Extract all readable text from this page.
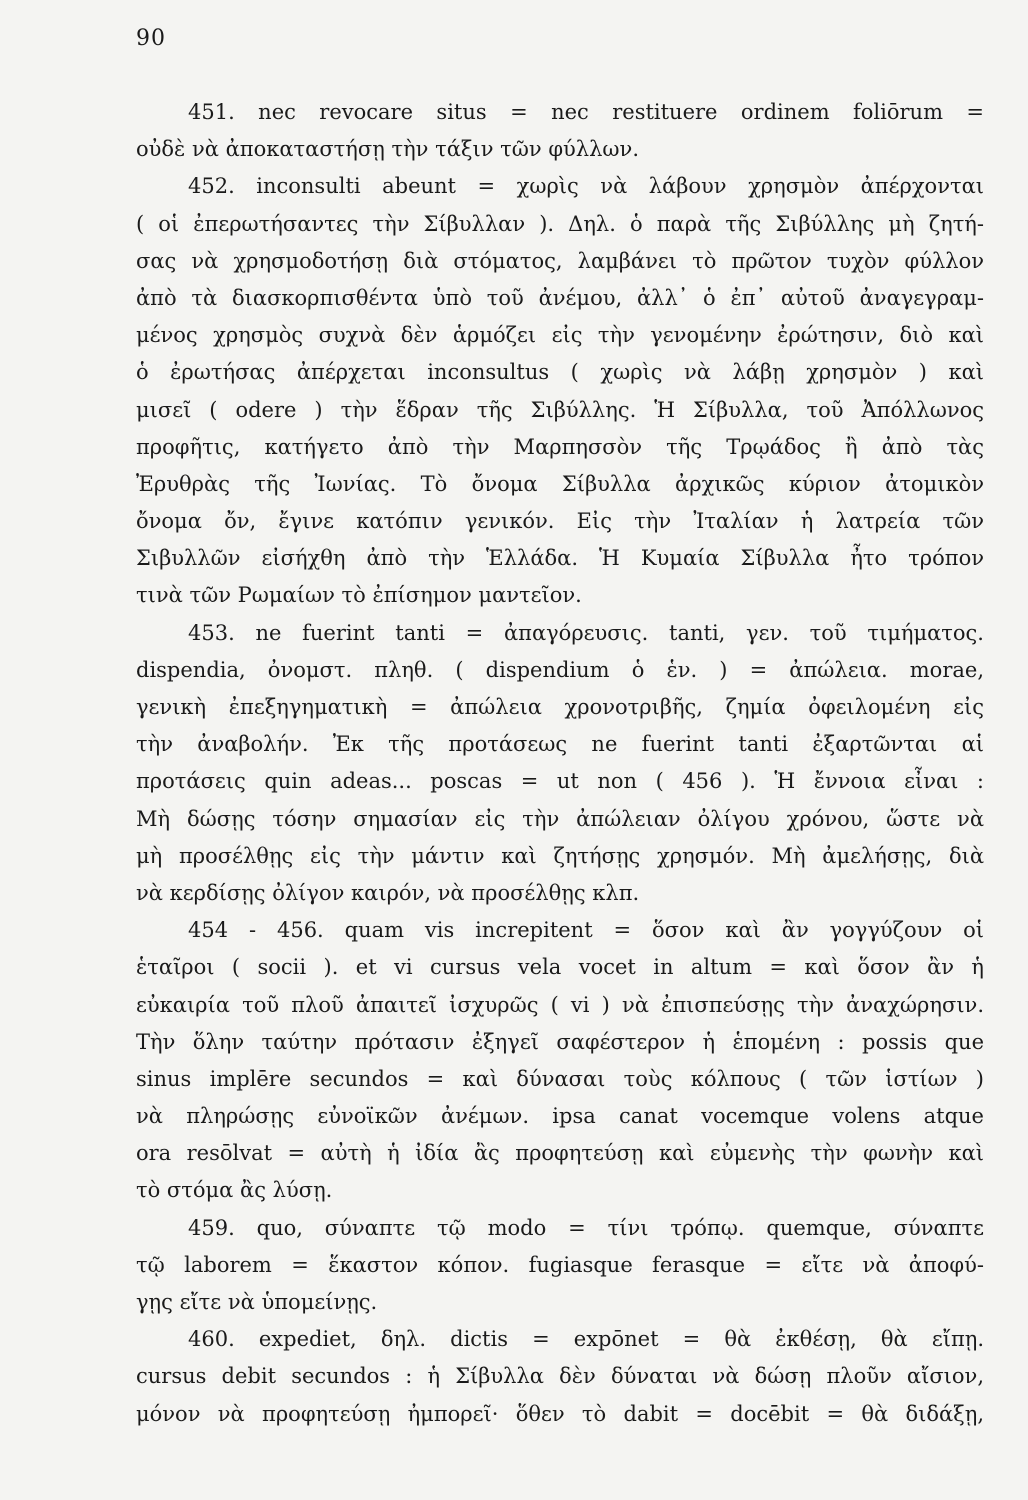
90
451. nec revocare situs = nec restituere ordinem foliōrum =
οὐδὲ νὰ ἀποκαταστήσῃ τὴν τάξιν τῶν φύλλων.
452. inconsulti abeunt = χωρὶς νὰ λάβουν χρησμὸν ἀπέρχονται
( οἱ ἐπερωτήσαντες τὴν Σίβυλλαν ). Δηλ. ὁ παρὰ τῆς Σιβύλλης μὴ ζητή-
σας νὰ χρησμοδοτήσῃ διὰ στόματος, λαμβάνει τὸ πρῶτον τυχὸν φύλλον
ἀπὸ τὰ διασκορπισθέντα ὑπὸ τοῦ ἀνέμου, ἀλλ᾽ ὁ ἐπ᾽ αὐτοῦ ἀναγεγραμ-
μένος χρησμὸς συχνὰ δὲν ἁρμόζει εἰς τὴν γενομένην ἐρώτησιν, διὸ καὶ
ὁ ἐρωτήσας ἀπέρχεται inconsultus ( χωρὶς νὰ λάβῃ χρησμὸν ) καὶ
μισεῖ ( odere ) τὴν ἕδραν τῆς Σιβύλλης. Ἡ Σίβυλλα, τοῦ Ἀπόλλωνος
προφῆτις, κατήγετο ἀπὸ τὴν Μαρπησσὸν τῆς Τρῳάδος ἢ ἀπὸ τὰς
Ἐρυθρὰς τῆς Ἰωνίας. Τὸ ὄνομα Σίβυλλα ἀρχικῶς κύριον ἀτομικὸν
ὄνομα ὄν, ἔγινε κατόπιν γενικόν. Εἰς τὴν Ἰταλίαν ἡ λατρεία τῶν
Σιβυλλῶν εἰσήχθη ἀπὸ τὴν Ἑλλάδα. Ἡ Κυμαία Σίβυλλα ἦτο τρόπον
τινὰ τῶν Ρωμαίων τὸ ἐπίσημον μαντεῖον.
453. ne fuerint tanti = ἀπαγόρευσις. tanti, γεν. τοῦ τιμήματος.
dispendia, ὀνομστ. πληθ. ( dispendium ὁ ἑν. ) = ἀπώλεια. morae,
γενικὴ ἐπεξηγηματικὴ = ἀπώλεια χρονοτριβῆς, ζημία ὀφειλομένη εἰς
τὴν ἀναβολήν. Ἐκ τῆς προτάσεως ne fuerint tanti ἐξαρτῶνται αἱ
προτάσεις quin adeas... poscas = ut non ( 456 ). Ἡ ἔννοια εἶναι :
Μὴ δώσῃς τόσην σημασίαν εἰς τὴν ἀπώλειαν ὀλίγου χρόνου, ὥστε νὰ
μὴ προσέλθῃς εἰς τὴν μάντιν καὶ ζητήσῃς χρησμόν. Μὴ ἀμελήσῃς, διὰ
νὰ κερδίσῃς ὀλίγον καιρόν, νὰ προσέλθῃς κλπ.
454 - 456. quam vis increpitent = ὅσον καὶ ἂν γογγύζουν οἱ
ἑταῖροι ( socii ). et vi cursus vela vocet in altum = καὶ ὅσον ἂν ἡ
εὐκαιρία τοῦ πλοῦ ἀπαιτεῖ ἰσχυρῶς ( vi ) νὰ ἐπισπεύσῃς τὴν ἀναχώρησιν.
Τὴν ὅλην ταύτην πρότασιν ἐξηγεῖ σαφέστερον ἡ ἑπομένη : possis que
sinus implēre secundos = καὶ δύνασαι τοὺς κόλπους ( τῶν ἱστίων )
νὰ πληρώσῃς εὐνοϊκῶν ἀνέμων. ipsa canat vocemque volens atque
ora resōlvat = αὐτὴ ἡ ἰδία ἂς προφητεύσῃ καὶ εὐμενὴς τὴν φωνὴν καὶ
τὸ στόμα ἂς λύσῃ.
459. quo, σύναπτε τῷ modo = τίνι τρόπῳ. quemque, σύναπτε
τῷ laborem = ἕκαστον κόπον. fugiasque ferasque = εἴτε νὰ ἀποφύ-
γῃς εἴτε νὰ ὑπομείνῃς.
460. expediet, δηλ. dictis = expōnet = θὰ ἐκθέσῃ, θὰ εἴπῃ.
cursus debit secundos : ἡ Σίβυλλα δὲν δύναται νὰ δώσῃ πλοῦν αἴσιον,
μόνον νὰ προφητεύσῃ ἠμπορεῖ· ὅθεν τὸ dabit = docēbit = θὰ διδάξῃ,
